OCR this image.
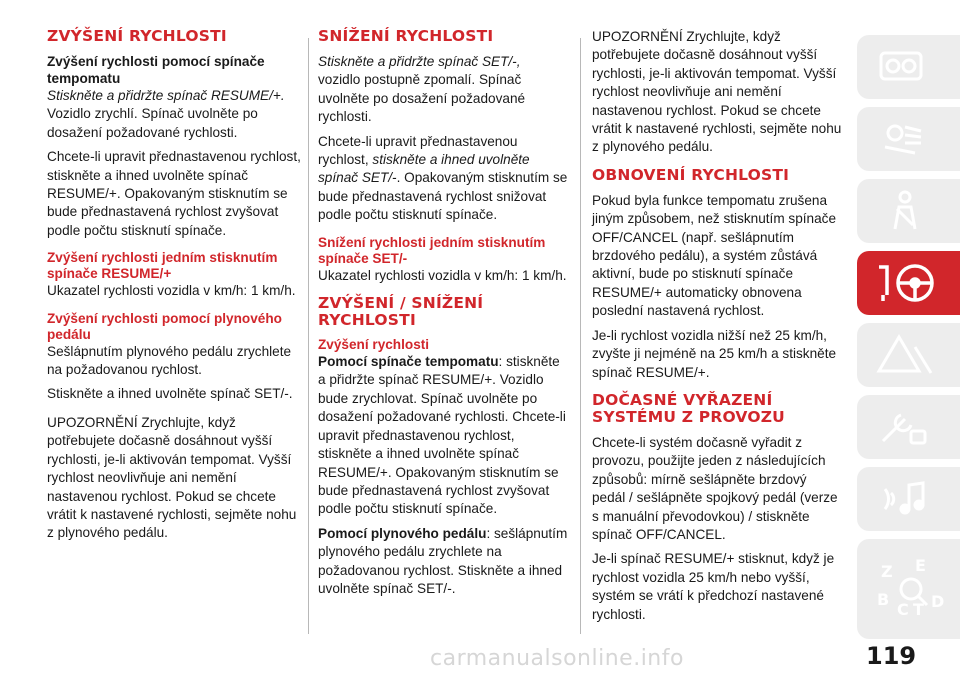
ZVÝŠENÍ RYCHLOSTI
Zvýšení rychlosti pomocí spínače tempomatu

Stiskněte a přidržte spínač RESUME/+.
Vozidlo zrychlí. Spínač uvolněte po dosažení požadované rychlosti.

Chcete-li upravit přednastavenou rychlost, stiskněte a ihned uvolněte spínač RESUME/+. Opakovaným stisknutím se bude přednastavená rychlost zvyšovat podle počtu stisknutí spínače.

Zvýšení rychlosti jedním stisknutím spínače RESUME/+

Ukazatel rychlosti vozidla v km/h: 1 km/h.

Zvýšení rychlosti pomocí plynového pedálu

Sešlápnutím plynového pedálu zrychlete na požadovanou rychlost.

Stiskněte a ihned uvolněte spínač SET/-.

UPOZORNĚNÍ Zrychlujte, když potřebujete dočasně dosáhnout vyšší rychlosti, je-li aktivován tempomat. Vyšší rychlost neovlivňuje ani nemění nastavenou rychlost. Pokud se chcete vrátit k nastavené rychlosti, sejměte nohu z plynového pedálu.

SNÍŽENÍ RYCHLOSTI

Stiskněte a přidržte spínač SET/-,
vozidlo postupně zpomalí. Spínač uvolněte po dosažení požadované rychlosti.

Chcete-li upravit přednastavenou rychlost, stiskněte a ihned uvolněte spínač SET/-. Opakovaným stisknutím se bude přednastavená rychlost snižovat podle počtu stisknutí spínače.

Snížení rychlosti jedním stisknutím spínače SET/-

Ukazatel rychlosti vozidla v km/h: 1 km/h.

ZVÝŠENÍ / SNÍŽENÍ RYCHLOSTI
Zvýšení rychlosti

Pomocí spínače tempomatu: stiskněte a přidržte spínač RESUME/+. Vozidlo bude zrychlovat. Spínač uvolněte po dosažení požadované rychlosti. Chcete-li upravit přednastavenou rychlost, stiskněte a ihned uvolněte spínač RESUME/+. Opakovaným stisknutím se bude přednastavená rychlost zvyšovat podle počtu stisknutí spínače.

Pomocí plynového pedálu: sešlápnutím plynového pedálu zrychlete na požadovanou rychlost. Stiskněte a ihned uvolněte spínač SET/-.

UPOZORNĚNÍ Zrychlujte, když potřebujete dočasně dosáhnout vyšší rychlosti, je-li aktivován tempomat. Vyšší rychlost neovlivňuje ani nemění nastavenou rychlost. Pokud se chcete vrátit k nastavené rychlosti, sejměte nohu z plynového pedálu.

OBNOVENÍ RYCHLOSTI

Pokud byla funkce tempomatu zrušena jiným způsobem, než stisknutím spínače OFF/CANCEL (např. sešlápnutím brzdového pedálu), a systém zůstává aktivní, bude po stisknutí spínače RESUME/+ automaticky obnovena poslední nastavená rychlost.

Je-li rychlost vozidla nižší než 25 km/h, zvyšte ji nejméně na 25 km/h a stiskněte spínač RESUME/+.

DOČASNÉ VYŘAZENÍ SYSTÉMU Z PROVOZU

Chcete-li systém dočasně vyřadit z provozu, použijte jeden z následujících způsobů: mírně sešlápněte brzdový pedál / sešlápněte spojkový pedál (verze s manuální převodovkou) / stiskněte spínač OFF/CANCEL.

Je-li spínač RESUME/+ stisknut, když je rychlost vozidla 25 km/h nebo vyšší, systém se vrátí k předchozí nastavené rychlosti.

Z E
B
C T D
carmanualsonline.info	119
